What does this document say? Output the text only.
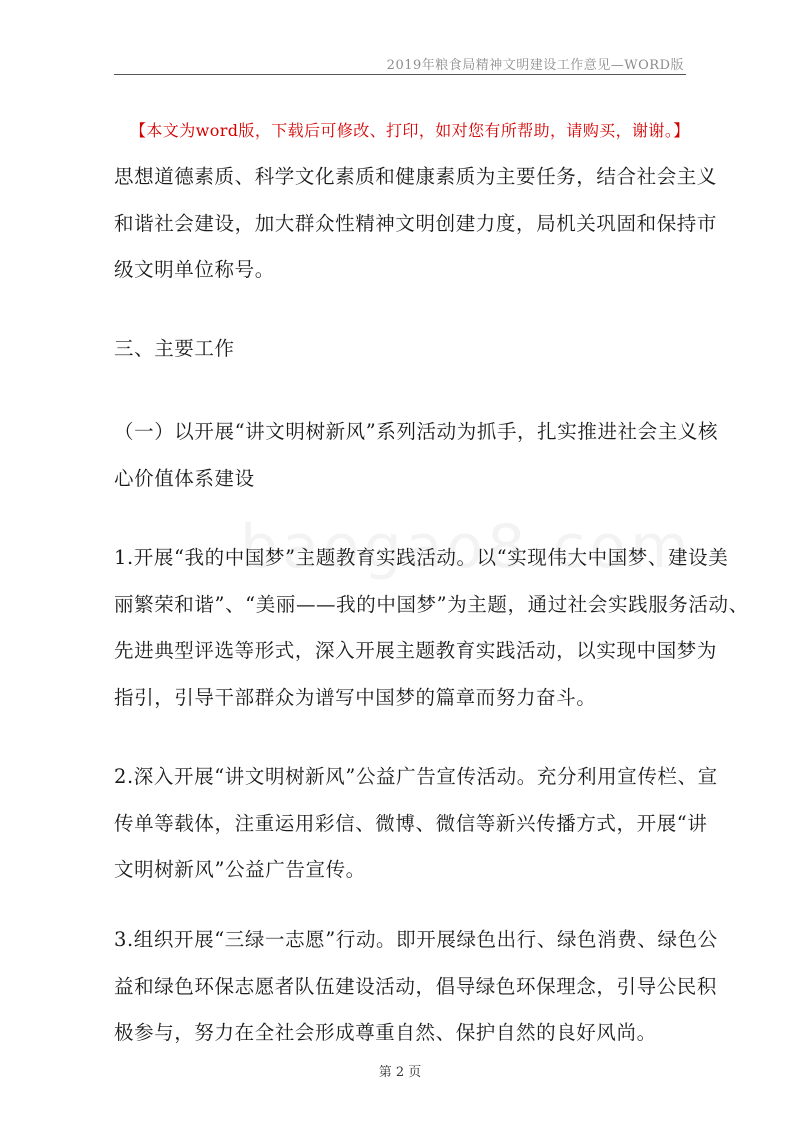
2019年粮食局精神文明建设工作意见—WORD版
【本文为word版，下载后可修改、打印，如对您有所帮助，请购买，谢谢。】

思想道德素质、科学文化素质和健康素质为主要任务，结合社会主义
和谐社会建设，加大群众性精神文明创建力度，局机关巩固和保持市
级文明单位称号。

三、主要工作

（一）以开展“讲文明树新风”系列活动为抓手，扎实推进社会主义核
心价值体系建设

1.开展“我的中国梦”主题教育实践活动。以“实现伟大中国梦、建设美
丽繁荣和谐”、“美丽——我的中国梦”为主题，通过社会实践服务活动、
先进典型评选等形式，深入开展主题教育实践活动，以实现中国梦为
指引，引导干部群众为谱写中国梦的篇章而努力奋斗。

2.深入开展“讲文明树新风”公益广告宣传活动。充分利用宣传栏、宣
传单等载体，注重运用彩信、微博、微信等新兴传播方式，开展“讲
文明树新风”公益广告宣传。

3.组织开展“三绿一志愿”行动。即开展绿色出行、绿色消费、绿色公
益和绿色环保志愿者队伍建设活动，倡导绿色环保理念，引导公民积
极参与，努力在全社会形成尊重自然、保护自然的良好风尚。

第 2 页
